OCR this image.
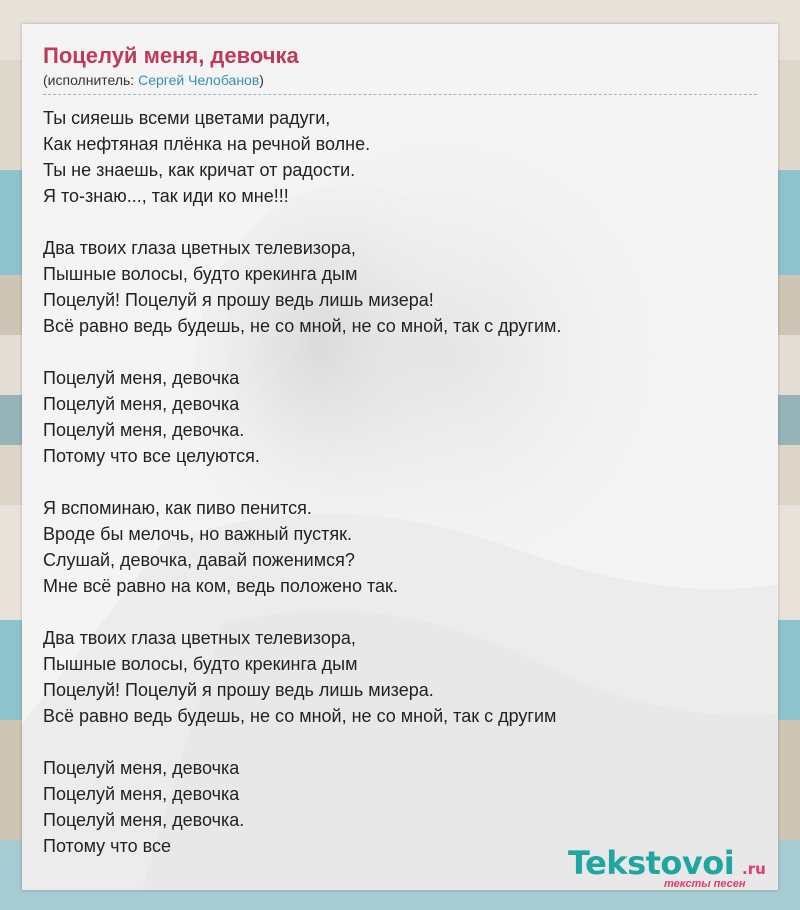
Поцелуй меня, девочка
(исполнитель: Сергей Челобанов)
Ты сияешь всеми цветами радуги,
Как нефтяная плёнка на речной волне.
Ты не знаешь, как кричат от радости.
Я то-знаю..., так иди ко мне!!!
Два твоих глаза цветных телевизора,
Пышные волосы, будто крекинга дым
Поцелуй! Поцелуй я прошу ведь лишь мизера!
Всё равно ведь будешь, не со мной, не со мной, так с другим.
Поцелуй меня, девочка
Поцелуй меня, девочка
Поцелуй меня, девочка.
Потому что все целуются.
Я вспоминаю, как пиво пенится.
Вроде бы мелочь, но важный пустяк.
Слушай, девочка, давай поженимся?
Мне всё равно на ком, ведь положено так.
Два твоих глаза цветных телевизора,
Пышные волосы, будто крекинга дым
Поцелуй! Поцелуй я прошу ведь лишь мизера.
Всё равно ведь будешь, не со мной, не со мной, так с другим
Поцелуй меня, девочка
Поцелуй меня, девочка
Поцелуй меня, девочка.
Потому что все	Tekstovoi .ru
тексты песен
